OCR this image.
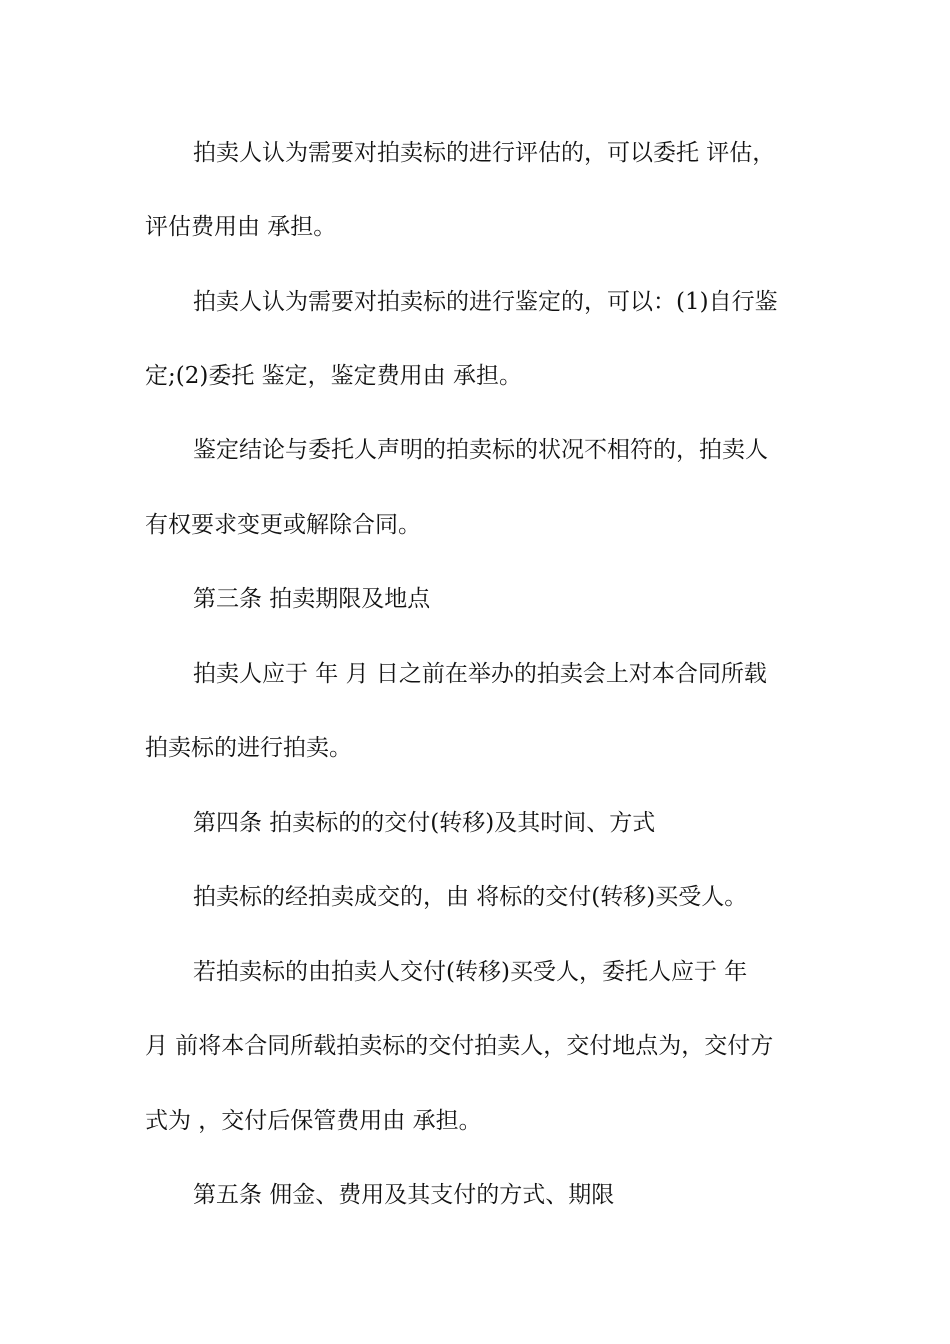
拍卖人认为需要对拍卖标的进行评估的，可以委托 评估，
评估费用由 承担。
拍卖人认为需要对拍卖标的进行鉴定的，可以：(1)自行鉴
定;(2)委托 鉴定，鉴定费用由 承担。
鉴定结论与委托人声明的拍卖标的状况不相符的，拍卖人
有权要求变更或解除合同。
第三条 拍卖期限及地点
拍卖人应于 年 月 日之前在举办的拍卖会上对本合同所载
拍卖标的进行拍卖。
第四条 拍卖标的的交付(转移)及其时间、方式
拍卖标的经拍卖成交的，由 将标的交付(转移)买受人。
若拍卖标的由拍卖人交付(转移)买受人，委托人应于 年
月 前将本合同所载拍卖标的交付拍卖人，交付地点为，交付方
式为 ，交付后保管费用由 承担。
第五条 佣金、费用及其支付的方式、期限
